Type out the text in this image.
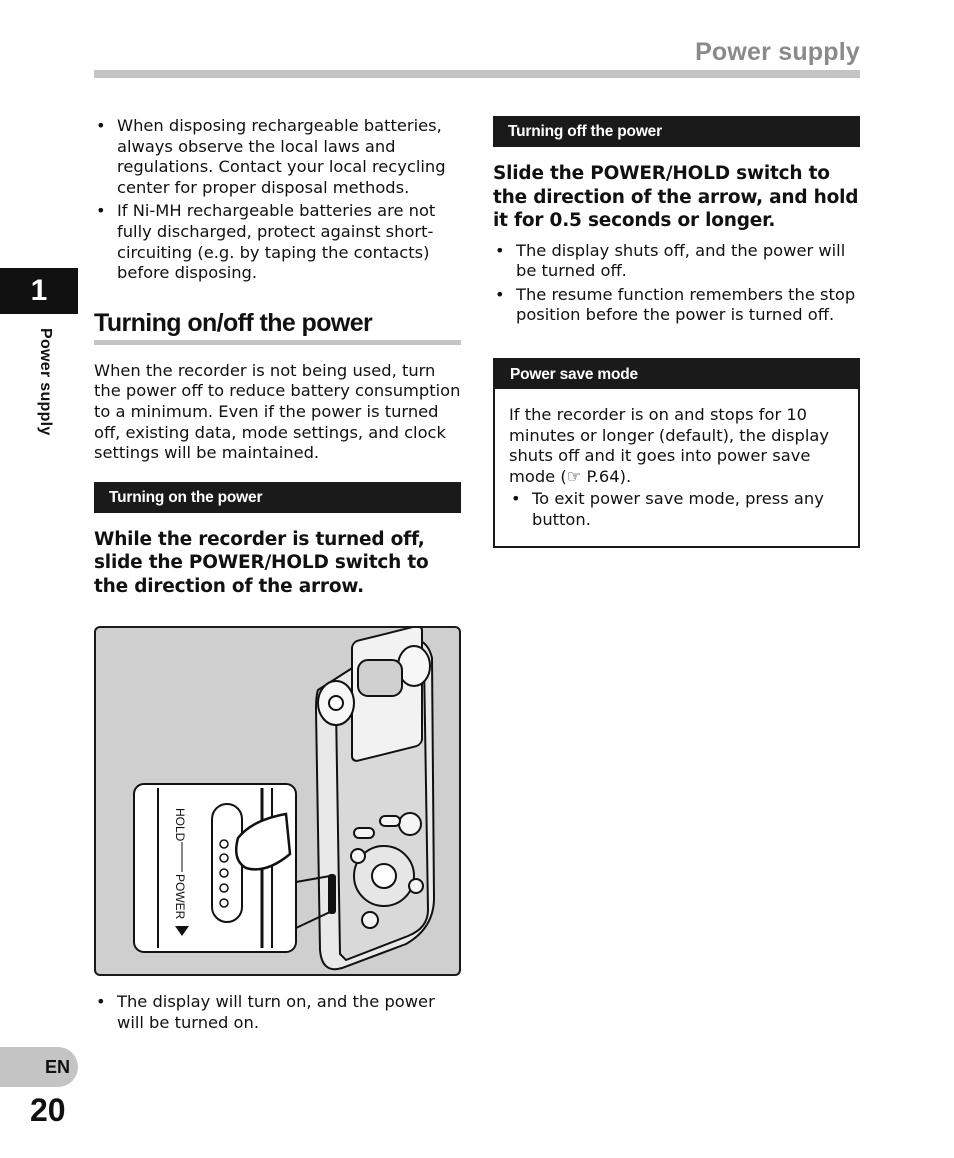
Power supply
1
Power supply
• When disposing rechargeable batteries, always observe the local laws and regulations. Contact your local recycling center for proper disposal methods.
• If Ni-MH rechargeable batteries are not fully discharged, protect against short-circuiting (e.g. by taping the contacts) before disposing.
Turning on/off the power

When the recorder is not being used, turn the power off to reduce battery consumption to a minimum. Even if the power is turned off, existing data, mode settings, and clock settings will be maintained.

Turning on the power

While the recorder is turned off, slide the POWER/HOLD switch to the direction of the arrow.

HOLD
POWER
• The display will turn on, and the power will be turned on.
Turning off the power

Slide the POWER/HOLD switch to the direction of the arrow, and hold it for 0.5 seconds or longer.

• The display shuts off, and the power will be turned off.
• The resume function remembers the stop position before the power is turned off.
Power save mode

If the recorder is on and stops for 10 minutes or longer (default), the display shuts off and it goes into power save mode (☞ P.64).

• To exit power save mode, press any button.
EN
20
